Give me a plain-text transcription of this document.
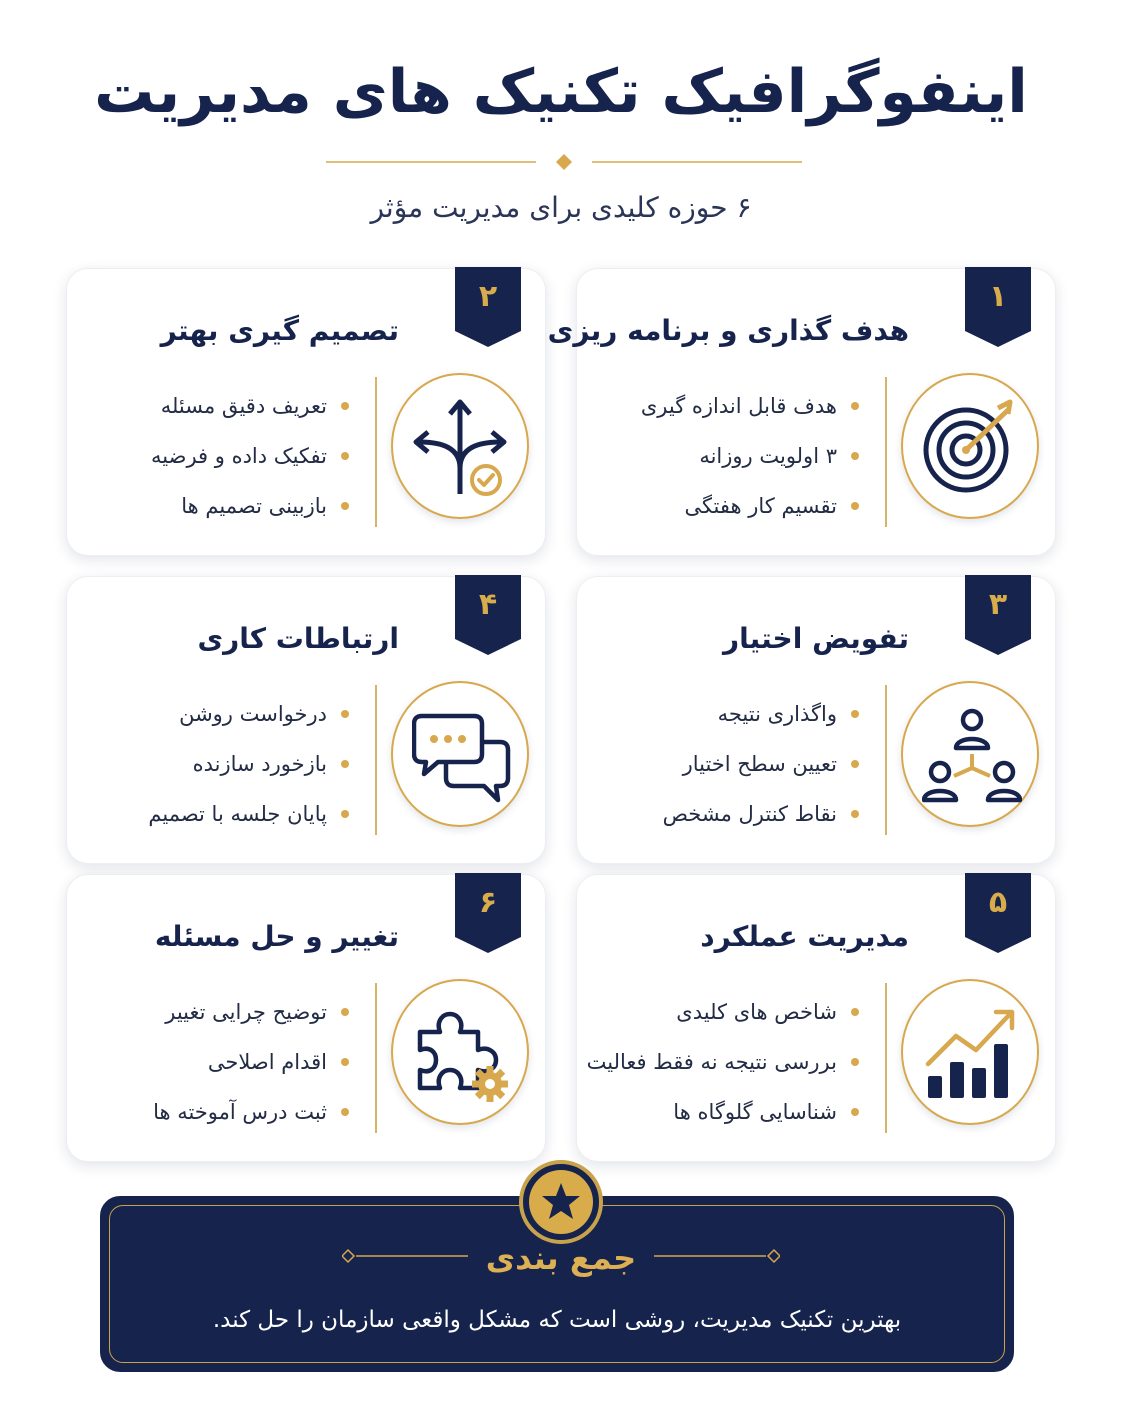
اینفوگرافیک تکنیک های مدیریت
۶ حوزه کلیدی برای مدیریت مؤثر
۱
هدف گذاری و برنامه ریزی
هدف قابل اندازه گیری
۳ اولویت روزانه
تقسیم کار هفتگی
۲
تصمیم گیری بهتر
تعریف دقیق مسئله
تفکیک داده و فرضیه
بازبینی تصمیم ها
۳
تفویض اختیار
واگذاری نتیجه
تعیین سطح اختیار
نقاط کنترل مشخص
۴
ارتباطات کاری
درخواست روشن
بازخورد سازنده
پایان جلسه با تصمیم
۵
مدیریت عملکرد
شاخص های کلیدی
بررسی نتیجه نه فقط فعالیت
شناسایی گلوگاه ها
۶
تغییر و حل مسئله
توضیح چرایی تغییر
اقدام اصلاحی
ثبت درس آموخته ها
جمع بندی
بهترین تکنیک مدیریت، روشی است که مشکل واقعی سازمان را حل کند.
